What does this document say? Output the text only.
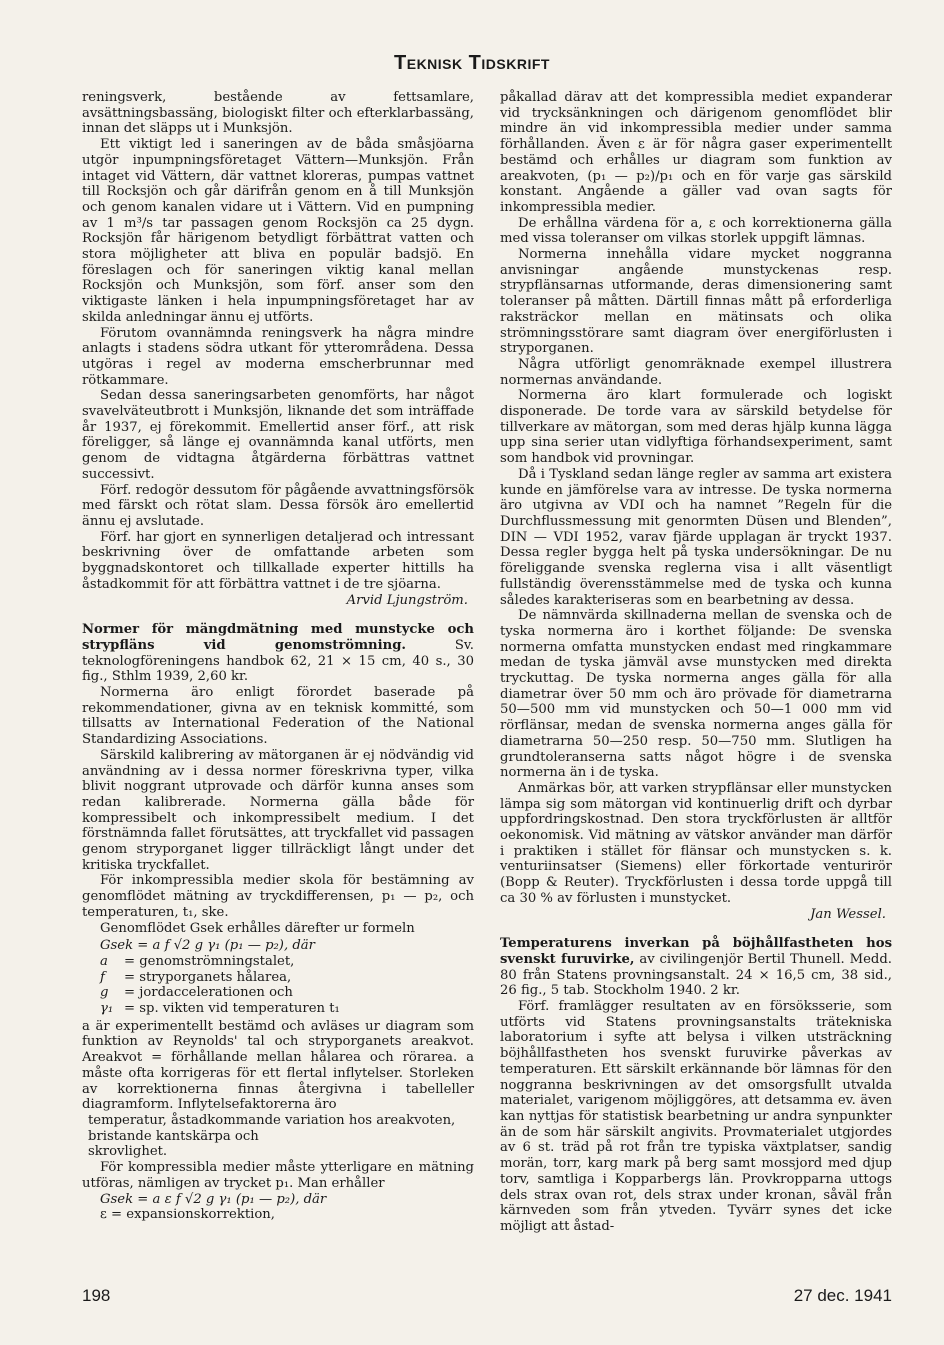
Teknisk Tidskrift

reningsverk, bestående av fettsamlare, avsättningsbassäng, biologiskt filter och efterklarbassäng, innan det släpps ut i Munksjön.

Ett viktigt led i saneringen av de båda småsjöarna utgör inpumpningsföretaget Vättern—Munksjön. Från intaget vid Vättern, där vattnet kloreras, pumpas vattnet till Rocksjön och går därifrån genom en å till Munksjön och genom kanalen vidare ut i Vättern. Vid en pumpning av 1 m³/s tar passagen genom Rocksjön ca 25 dygn. Rocksjön får härigenom betydligt förbättrat vatten och stora möjligheter att bliva en populär badsjö. En föreslagen och för saneringen viktig kanal mellan Rocksjön och Munksjön, som förf. anser som den viktigaste länken i hela inpumpningsföretaget har av skilda anledningar ännu ej utförts.

Förutom ovannämnda reningsverk ha några mindre anlagts i stadens södra utkant för ytterområdena. Dessa utgöras i regel av moderna emscherbrunnar med rötkammare.

Sedan dessa saneringsarbeten genomförts, har något svavelväteutbrott i Munksjön, liknande det som inträffade år 1937, ej förekommit. Emellertid anser förf., att risk föreligger, så länge ej ovannämnda kanal utförts, men genom de vidtagna åtgärderna förbättras vattnet successivt.

Förf. redogör dessutom för pågående avvattningsförsök med färskt och rötat slam. Dessa försök äro emellertid ännu ej avslutade.

Förf. har gjort en synnerligen detaljerad och intressant beskrivning över de omfattande arbeten som byggnadskontoret och tillkallade experter hittills ha åstadkommit för att förbättra vattnet i de tre sjöarna.

Arvid Ljungström.

Normer för mängdmätning med munstycke och strypfläns vid genomströmning.	Sv. teknologföreningens handbok 62, 21 × 15 cm, 40 s., 30 fig., Sthlm 1939, 2,60 kr.

Normerna äro enligt förordet baserade på rekommendationer, givna av en teknisk kommitté, som tillsatts av International Federation of the National Standardizing Associations.

Särskild kalibrering av mätorganen är ej nödvändig vid användning av i dessa normer föreskrivna typer, vilka blivit noggrant utprovade och därför kunna anses som redan kalibrerade. Normerna gälla både för kompressibelt och inkompressibelt medium. I det förstnämnda fallet förutsättes, att tryckfallet vid passagen genom stryporganet ligger tillräckligt långt under det kritiska tryckfallet.

För inkompressibla medier skola för bestämning av genomflödet mätning av tryckdifferensen, p₁ — p₂, och temperaturen, t₁, ske.

Genomflödet Gsek erhålles därefter ur formeln

Gsek = a f √2 g γ₁ (p₁ — p₂), där

a	= genomströmningstalet,
f	= stryporganets hålarea,
g	= jordaccelerationen och
γ₁ = sp. vikten vid temperaturen t₁

a är experimentellt bestämd och avläses ur diagram som funktion av Reynolds' tal och stryporganets areakvot. Areakvot = förhållande mellan hålarea och rörarea. a måste ofta korrigeras för ett flertal inflytelser. Storleken av korrektionerna finnas återgivna i tabelleller diagramform. Inflytelsefaktorerna äro

temperatur, åstadkommande variation hos areakvoten,

bristande kantskärpa och

skrovlighet.

För kompressibla medier måste ytterligare en mätning utföras, nämligen av trycket p₁. Man erhåller

Gsek = a ε f √2 g γ₁ (p₁ — p₂), där

ε = expansionskorrektion,

påkallad därav att det kompressibla mediet expanderar vid trycksänkningen och därigenom genomflödet blir mindre än vid inkompressibla medier under samma förhållanden. Även ε är för några gaser experimentellt bestämd och erhålles ur diagram som funktion av areakvoten, (p₁ — p₂)/p₁ och en för varje gas särskild konstant. Angående a gäller vad ovan sagts för inkompressibla medier.

De erhållna värdena för a, ε och korrektionerna gälla med vissa toleranser om vilkas storlek uppgift lämnas.

Normerna innehålla vidare mycket noggranna anvisningar angående munstyckenas resp. strypflänsarnas utformande, deras dimensionering samt toleranser på måtten. Därtill finnas mått på erforderliga raksträckor mellan en mätinsats och olika strömningsstörare samt diagram över energiförlusten i stryporganen.

Några utförligt genomräknade exempel illustrera normernas användande.

Normerna äro klart formulerade och logiskt disponerade. De torde vara av särskild betydelse för tillverkare av mätorgan, som med deras hjälp kunna lägga upp sina serier utan vidlyftiga förhandsexperiment, samt som handbok vid provningar.

Då i Tyskland sedan länge regler av samma art existera kunde en jämförelse vara av intresse. De tyska normerna äro utgivna av VDI och ha namnet ”Regeln für die Durchflussmessung mit genormten Düsen und Blenden”, DIN — VDI 1952, varav fjärde upplagan är tryckt 1937. Dessa regler bygga helt på tyska undersökningar. De nu föreliggande svenska reglerna visa i allt väsentligt fullständig överensstämmelse med de tyska och kunna således karakteriseras som en bearbetning av dessa.

De nämnvärda skillnaderna mellan de svenska och de tyska normerna äro i korthet följande: De svenska normerna omfatta munstycken endast med ringkammare medan de tyska jämväl avse munstycken med direkta tryckuttag. De tyska normerna anges gälla för alla diametrar över 50 mm och äro prövade för diametrarna 50—500 mm vid munstycken och 50—1 000 mm vid rörflänsar, medan de svenska normerna anges gälla för diametrarna 50—250 resp. 50—750 mm. Slutligen ha grundtoleranserna satts något högre i de svenska normerna än i de tyska.

Anmärkas bör, att varken strypflänsar eller munstycken lämpa sig som mätorgan vid kontinuerlig drift och dyrbar uppfordringskostnad. Den stora tryckförlusten är alltför oekonomisk. Vid mätning av vätskor använder man därför i praktiken i stället för flänsar och munstycken s. k. venturiinsatser (Siemens) eller förkortade venturirör (Bopp & Reuter). Tryckförlusten i dessa torde uppgå till ca 30 % av förlusten i munstycket.

Jan Wessel.

Temperaturens inverkan på böjhållfastheten hos svenskt furuvirke, av civilingenjör Bertil Thunell. Medd. 80 från Statens provningsanstalt. 24 × 16,5 cm, 38 sid., 26 fig., 5 tab. Stockholm 1940. 2 kr.

Förf. framlägger resultaten av en försöksserie, som utförts vid Statens provningsanstalts trätekniska laboratorium i syfte att belysa i vilken utsträckning böjhållfastheten hos svenskt furuvirke påverkas av temperaturen. Ett särskilt erkännande bör lämnas för den noggranna beskrivningen av det omsorgsfullt utvalda materialet, varigenom möjliggöres, att detsamma ev. även kan nyttjas för statistisk bearbetning ur andra synpunkter än de som här särskilt angivits. Provmaterialet utgjordes av 6 st. träd på rot från tre typiska växtplatser, sandig morän, torr, karg mark på berg samt mossjord med djup torv, samtliga i Kopparbergs län. Provkropparna uttogs dels strax ovan rot, dels strax under kronan, såväl från kärnveden som från ytveden. Tyvärr synes det icke möjligt att åstad-

198	27 dec. 1941
